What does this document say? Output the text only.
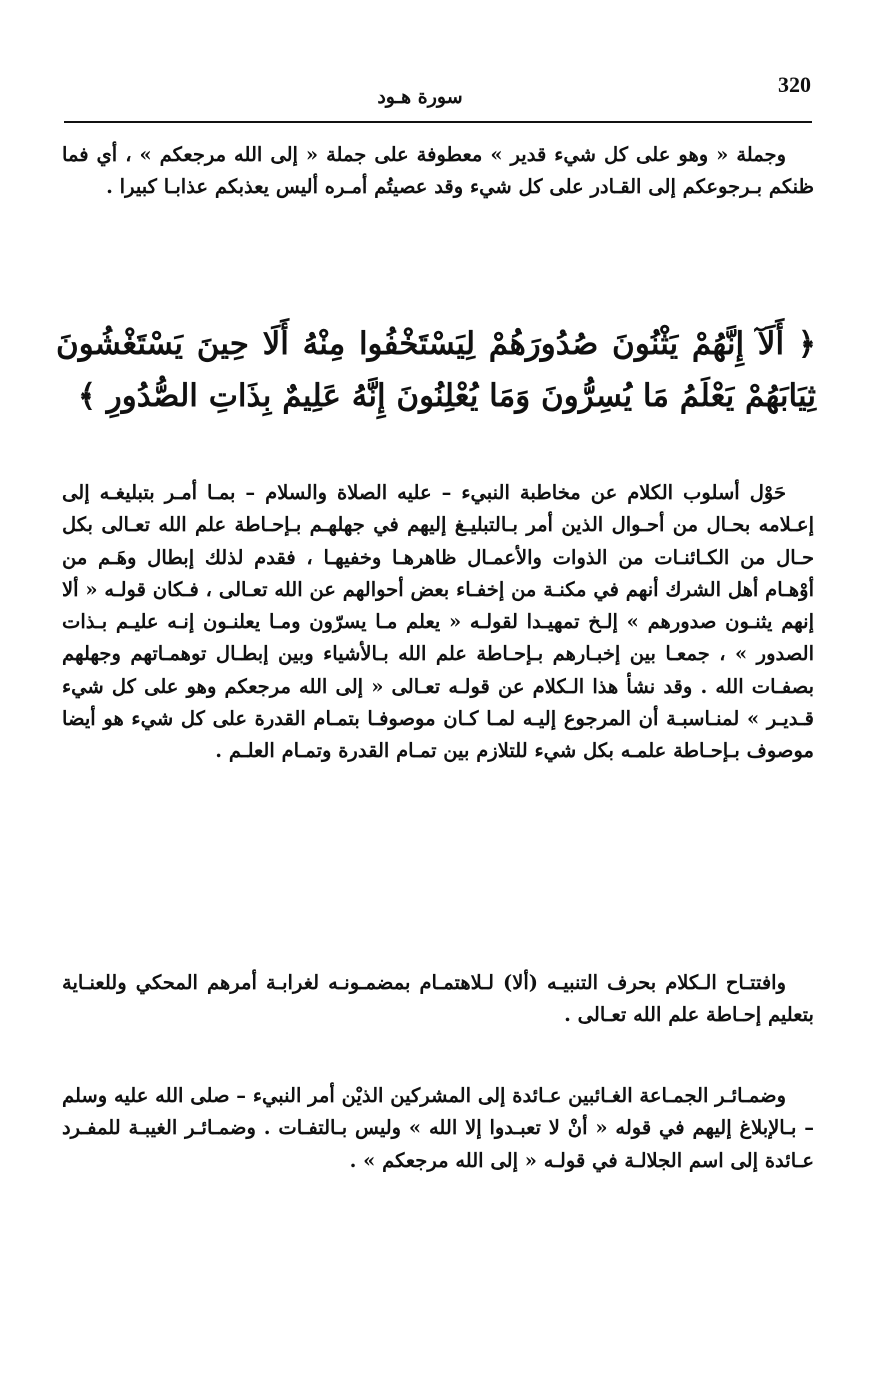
320
سورة هـود

وجملة « وهو على كل شيء قدير » معطوفة على جملة « إلى الله مرجعكم » ، أي فما ظنكم بـرجوعكم إلى القـادر على كل شيء وقد عصيتُم أمـره أليس يعذبكم عذابـا كبيرا .

﴿ أَلَآ إِنَّهُمْ يَثْنُونَ صُدُورَهُمْ لِيَسْتَخْفُوا مِنْهُ أَلَا حِينَ يَسْتَغْشُونَ ثِيَابَهُمْ يَعْلَمُ مَا يُسِرُّونَ وَمَا يُعْلِنُونَ إِنَّهُ عَلِيمٌ بِذَاتِ الصُّدُورِ ﴾

حَوْل أسلوب الكلام عن مخاطبة النبيء – عليه الصلاة والسلام – بمـا أمـر بتبليغـه إلى إعـلامه بحـال من أحـوال الذين أمر بـالتبليـغ إليهم في جهلهـم بـإحـاطة علم الله تعـالى بكل حـال من الكـائنـات من الذوات والأعمـال ظاهرهـا وخفيهـا ، فقدم لذلك إبطال وهَـم من أوْهـام أهل الشرك أنهم في مكنـة من إخفـاء بعض أحوالهم عن الله تعـالى ، فـكان قولـه « ألا إنهم يثنـون صدورهم » إلـخ تمهيـدا لقولـه « يعلم مـا يسرّون ومـا يعلنـون إنـه عليـم بـذات الصدور » ، جمعـا بين إخبـارهم بـإحـاطة علم الله بـالأشياء وبين إبطـال توهمـاتهم وجهلهم بصفـات الله . وقد نشأ هذا الـكلام عن قولـه تعـالى « إلى الله مرجعكم وهو على كل شيء قـديـر » لمنـاسبـة أن المرجوع إليـه لمـا كـان موصوفـا بتمـام القدرة على كل شيء هو أيضا موصوف بـإحـاطة علمـه بكل شيء للتلازم بين تمـام القدرة وتمـام العلـم .

وافتتـاح الـكلام بحرف التنبيـه (ألا) لـلاهتمـام بمضمـونـه لغرابـة أمرهم المحكي وللعنـاية بتعليم إحـاطة علم الله تعـالى .

وضمـائـر الجمـاعة الغـائبين عـائدة إلى المشركين الذيْن أمر النبيء – صلى الله عليه وسلم – بـالإبلاغ إليهم في قوله « أنْ لا تعبـدوا إلا الله » وليس بـالتفـات . وضمـائـر الغيبـة للمفـرد عـائدة إلى اسم الجلالـة في قولـه « إلى الله مرجعكم » .
